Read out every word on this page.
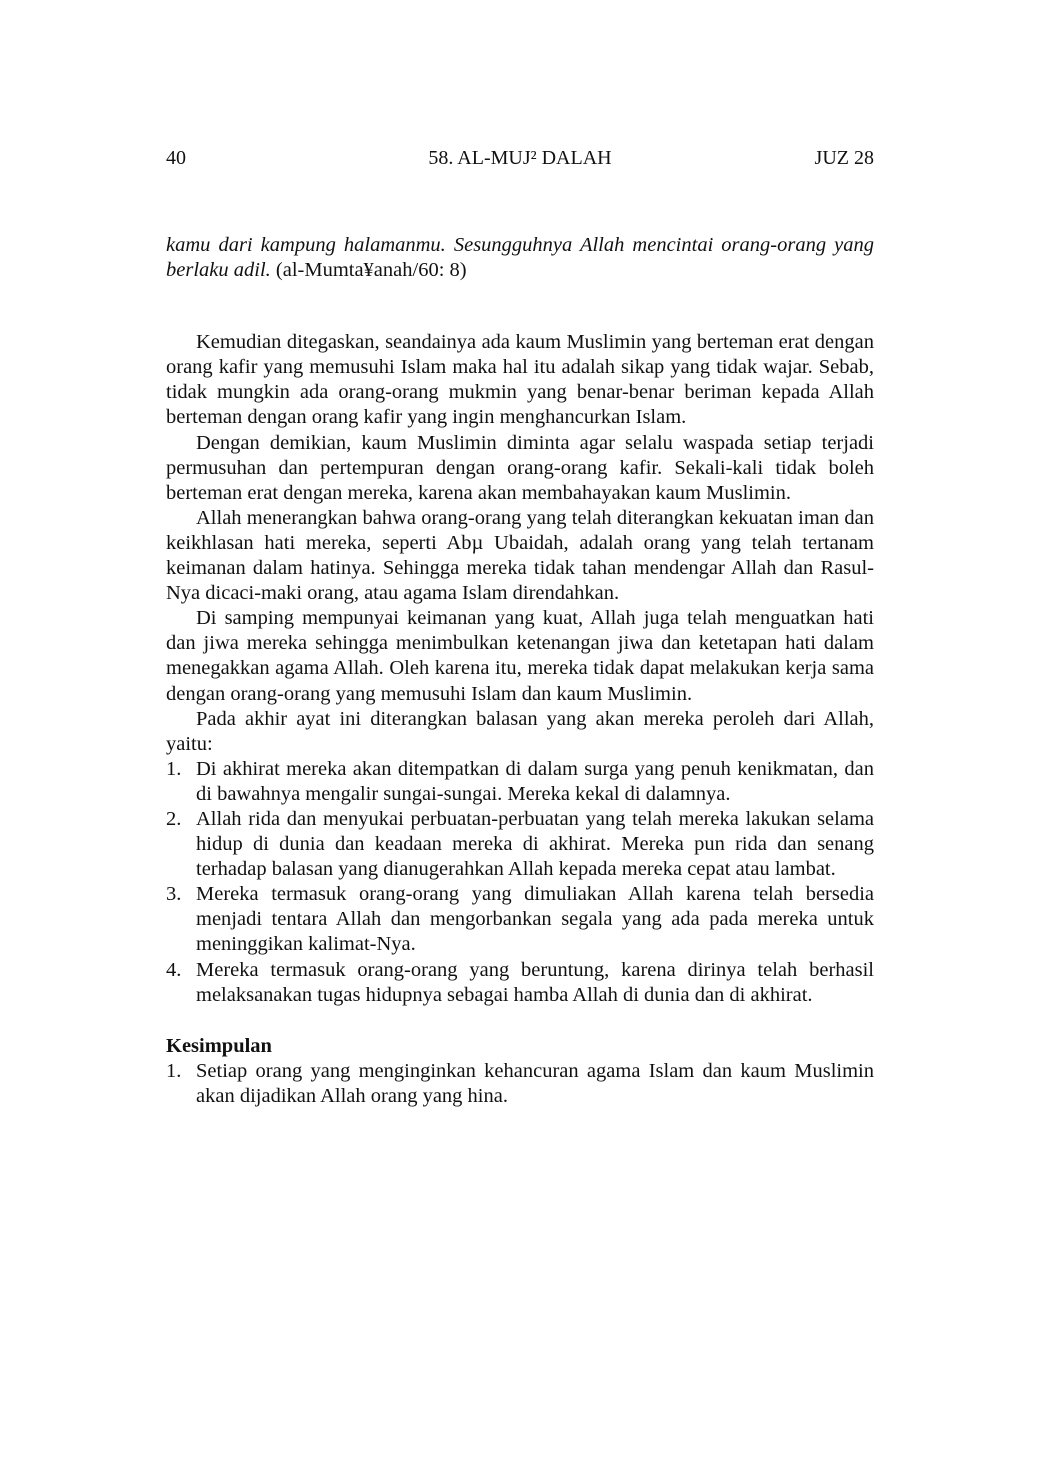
40	58. AL-MUJ² DALAH	JUZ 28

kamu dari kampung halamanmu. Sesungguhnya Allah mencintai orang-orang yang berlaku adil. (al-Mumta¥anah/60: 8)

Kemudian ditegaskan, seandainya ada kaum Muslimin yang berteman erat dengan orang kafir yang memusuhi Islam maka hal itu adalah sikap yang tidak wajar. Sebab, tidak mungkin ada orang-orang mukmin yang benar-benar beriman kepada Allah berteman dengan orang kafir yang ingin menghancurkan Islam.

Dengan demikian, kaum Muslimin diminta agar selalu waspada setiap terjadi permusuhan dan pertempuran dengan orang-orang kafir. Sekali-kali tidak boleh berteman erat dengan mereka, karena akan membahayakan kaum Muslimin.

Allah menerangkan bahwa orang-orang yang telah diterangkan kekuatan iman dan keikhlasan hati mereka, seperti Abµ Ubaidah, adalah orang yang telah tertanam keimanan dalam hatinya. Sehingga mereka tidak tahan mendengar Allah dan Rasul-Nya dicaci-maki orang, atau agama Islam direndahkan.

Di samping mempunyai keimanan yang kuat, Allah juga telah menguatkan hati dan jiwa mereka sehingga menimbulkan ketenangan jiwa dan ketetapan hati dalam menegakkan agama Allah. Oleh karena itu, mereka tidak dapat melakukan kerja sama dengan orang-orang yang memusuhi Islam dan kaum Muslimin.

Pada akhir ayat ini diterangkan balasan yang akan mereka peroleh dari Allah, yaitu:

1. Di akhirat mereka akan ditempatkan di dalam surga yang penuh kenikmatan, dan di bawahnya mengalir sungai-sungai. Mereka kekal di dalamnya.
2. Allah rida dan menyukai perbuatan-perbuatan yang telah mereka lakukan selama hidup di dunia dan keadaan mereka di akhirat. Mereka pun rida dan senang terhadap balasan yang dianugerahkan Allah kepada mereka cepat atau lambat.
3. Mereka termasuk orang-orang yang dimuliakan Allah karena telah bersedia menjadi tentara Allah dan mengorbankan segala yang ada pada mereka untuk meninggikan kalimat-Nya.
4. Mereka termasuk orang-orang yang beruntung, karena dirinya telah berhasil melaksanakan tugas hidupnya sebagai hamba Allah di dunia dan di akhirat.
Kesimpulan
1. Setiap orang yang menginginkan kehancuran agama Islam dan kaum Muslimin akan dijadikan Allah orang yang hina.
